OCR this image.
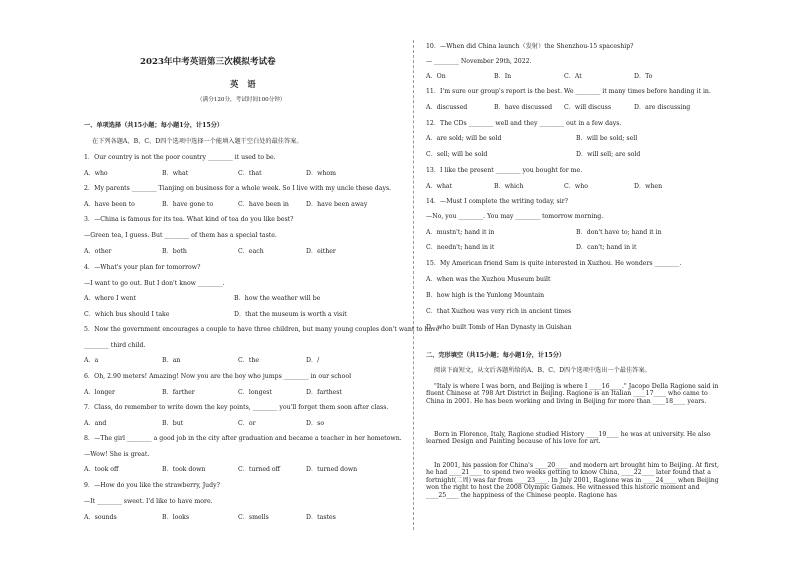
2023年中考英语第三次模拟考试卷
英 语
（满分120分，考试时间100分钟）
一、单项选择（共15小题；每小题1分，计15分）
在下列各题A、B、C、D四个选项中选择一个能填入题干空白处的最佳答案。
1．Our country is not the poor country ________ it used to be.
A．who	B．what	C．that	D．whom
2．My parents ________ Tianjing on business for a whole week. So I live with my uncle these days.
A．have been to	B．have gone to	C．have been in	D．have been away
3．—China is famous for its tea. What kind of tea do you like best?
—Green tea, I guess. But ________ of them has a special taste.
A．other	B．both	C．each	D．either
4．—What's your plan for tomorrow?
—I want to go out. But I don't know ________.
A．where I went	B．how the weather will be
C．which bus should I take	D．that the museum is worth a visit
5．Now the government encourages a couple to have three children, but many young couples don't want to have
________ third child.
A．a	B．an	C．the	D．/
6．Oh, 2.90 meters! Amazing! Now you are the boy who jumps ________ in our school
A．longer	B．farther	C．longest	D．farthest
7．Class, do remember to write down the key points, ________ you'll forget them soon after class.
A．and	B．but	C．or	D．so
8．—The girl ________ a good job in the city after graduation and became a teacher in her hometown.
—Wow! She is great.
A．took off	B．took down	C．turned off	D．turned down
9．—How do you like the strawberry, Judy?
—It ________ sweet. I'd like to have more.
A．sounds	B．looks	C．smells	D．tastes
10．—When did China launch（发射）the Shenzhou-15 spaceship?
— ________ November 29th, 2022.
A．On	B．In	C．At	D．To
11．I'm sure our group's report is the best. We ________ it many times before handing it in.
A．discussed	B．have discussed C．will discuss	D．are discussing
12．The CDs ________ well and they ________ out in a few days.
A．are sold; will be sold	B．will be sold; sell
C．sell; will be sold	D．will sell; are sold
13．I like the present ________ you bought for me.
A．what	B．which	C．who	D．when
14．—Must I complete the writing today, sir?
—No, you ________. You may ________ tomorrow morning.
A．mustn't; hand it in	B．don't have to; hand it in
C．needn't; hand in it	D．can't; hand in it
15．My American friend Sam is quite interested in Xuzhou. He wonders ________.
A．when was the Xuzhou Museum built
B．how high is the Yunlong Mountain
C．that Xuzhou was very rich in ancient times
D．who built Tomb of Han Dynasty in Guishan
二、完形填空（共15小题；每小题1分，计15分）
阅读下面短文，从文后各题所给的A、B、C、D四个选项中选出一个最佳答案。
"Italy is where I was born, and Beijing is where I ____16____." Jacopo Della Ragione said in fluent Chinese at 798 Art District in Beijing. Ragione is an Italian ____17____ who came to China in 2001. He has been working and living in Beijing for more than ____18____ years.
Born in Florence, Italy, Ragione studied History ____19____ he was at university. He also learned Design and Painting because of his love for art.
In 2001, his passion for China's ____20____ and modern art brought him to Beijing. At first, he had ____21____ to spend two weeks getting to know China, ____22____ later found that a fortnight(二周) was far from ____23____. In July 2001, Ragione was in ____24____ when Beijing won the right to host the 2008 Olympic Games. He witnessed this historic moment and ____25____ the happiness of the Chinese people. Ragione has
